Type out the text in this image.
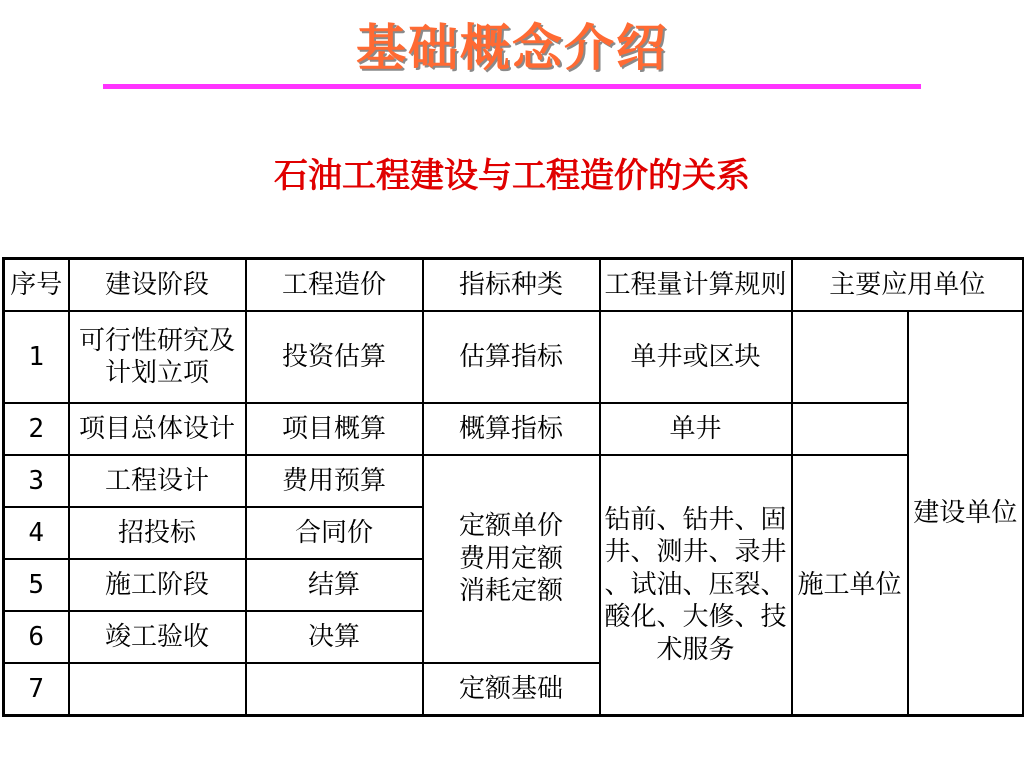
基础概念介绍
石油工程建设与工程造价的关系
序号	建设阶段	工程造价	指标种类	工程量计算规则	主要应用单位	
1	可行性研究及
计划立项	投资估算	估算指标	单井或区块		建设单位
2	项目总体设计	项目概算	概算指标	单井		
3	工程设计	费用预算	定额单价
费用定额
消耗定额	钻前、钻井、固
井、测井、录井
、试油、压裂、
酸化、大修、技
术服务	施工单位	
4	招投标	合同价				
5	施工阶段	结算				
6	竣工验收	决算				
7			定额基础			
